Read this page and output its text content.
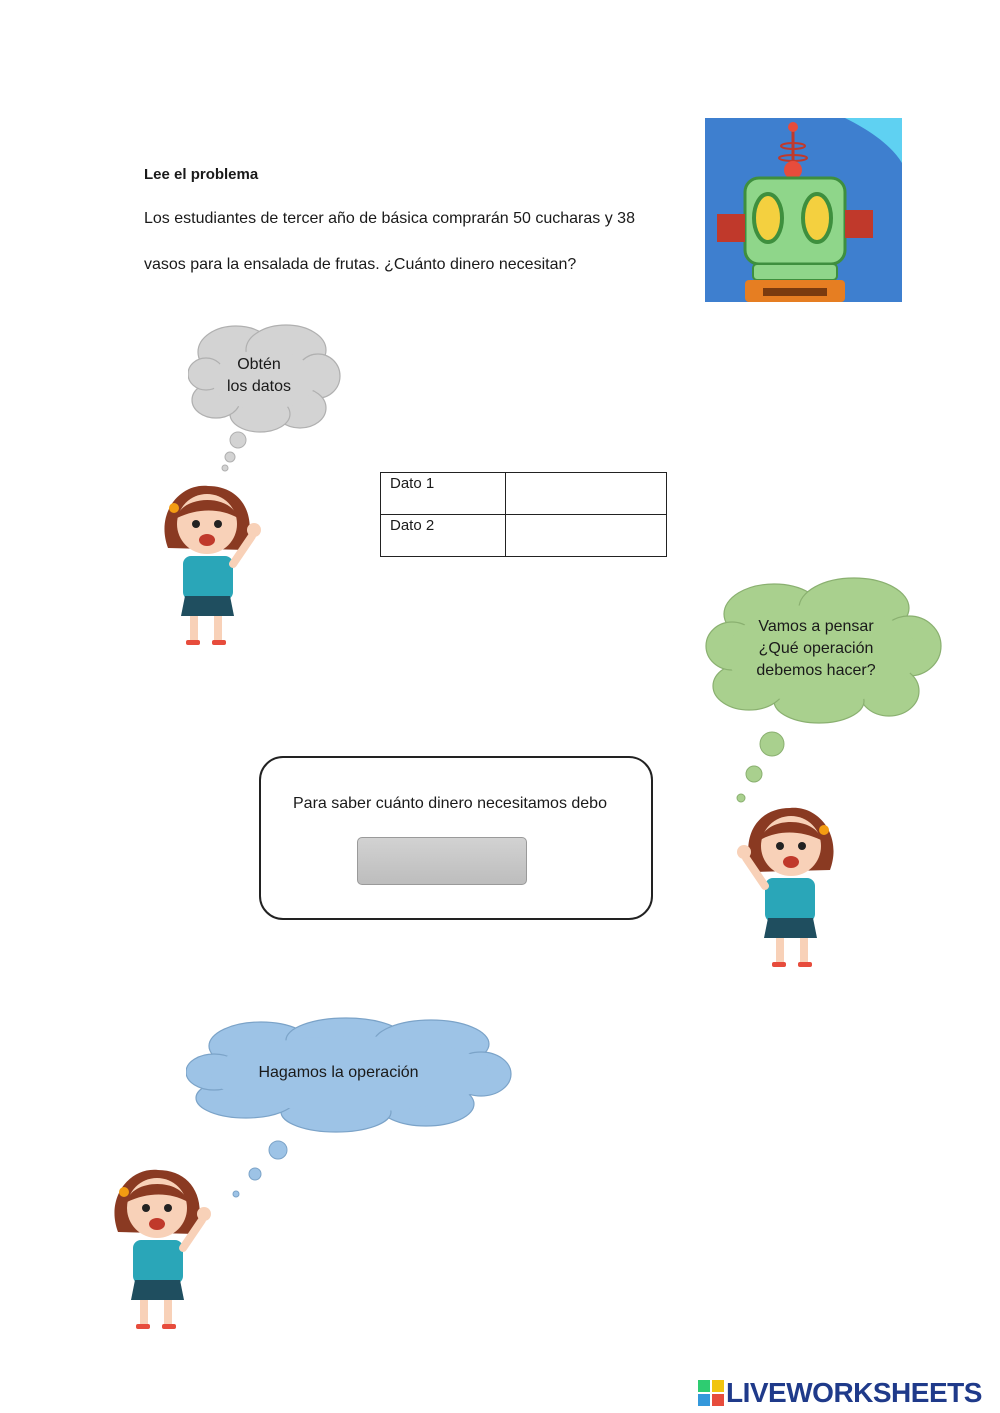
Lee el problema
Los estudiantes de tercer año de básica comprarán 50 cucharas y 38
vasos para la ensalada de frutas. ¿Cuánto dinero necesitan?
Obtén
los datos
Dato 1	
Dato 2	
Vamos a pensar
¿Qué operación
debemos hacer?
Para saber cuánto dinero necesitamos debo
Hagamos la operación
LIVEWORKSHEETS
